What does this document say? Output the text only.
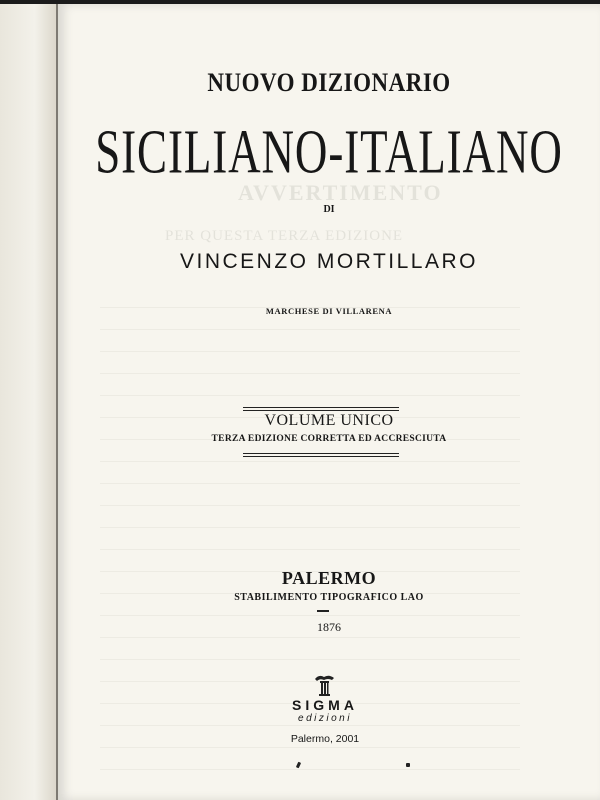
AVVERTIMENTO
PER QUESTA TERZA EDIZIONE
NUOVO DIZIONARIO
SICILIANO-ITALIANO
DI
VINCENZO MORTILLARO
MARCHESE DI VILLARENA
VOLUME UNICO
TERZA EDIZIONE CORRETTA ED ACCRESCIUTA
PALERMO
STABILIMENTO TIPOGRAFICO LAO
1876
SIGMA
edizioni
Palermo, 2001
